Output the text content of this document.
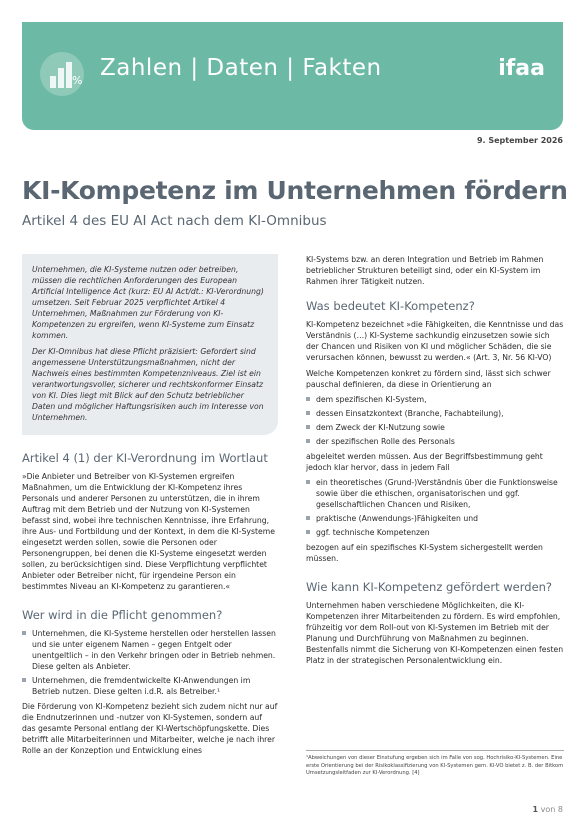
% Zahlen | Daten | Fakten	ifaa
9. September 2026
KI-Kompetenz im Unternehmen fördern
Artikel 4 des EU AI Act nach dem KI-Omnibus

Unternehmen, die KI-Systeme nutzen oder betreiben, müssen die rechtlichen Anforderungen des European Artificial Intelligence Act (kurz: EU AI Act/dt.: KI-Verordnung) umsetzen. Seit Februar 2025 verpflichtet Artikel 4 Unternehmen, Maßnahmen zur Förderung von KI-Kompetenzen zu ergreifen, wenn KI-Systeme zum Einsatz kommen.

Der KI-Omnibus hat diese Pflicht präzisiert: Gefordert sind angemessene Unterstützungsmaßnahmen, nicht der Nachweis eines bestimmten Kompetenzniveaus. Ziel ist ein verantwortungsvoller, sicherer und rechtskonformer Einsatz von KI. Dies liegt mit Blick auf den Schutz betrieblicher Daten und möglicher Haftungsrisiken auch im Interesse von Unternehmen.

Artikel 4 (1) der KI-Verordnung im Wortlaut

»Die Anbieter und Betreiber von KI-Systemen ergreifen Maßnahmen, um die Entwicklung der KI-Kompetenz ihres Personals und anderer Personen zu unterstützen, die in ihrem Auftrag mit dem Betrieb und der Nutzung von KI-Systemen befasst sind, wobei ihre technischen Kenntnisse, ihre Erfahrung, ihre Aus- und Fortbildung und der Kontext, in dem die KI-Systeme eingesetzt werden sollen, sowie die Personen oder Personengruppen, bei denen die KI-Systeme eingesetzt werden sollen, zu berücksichtigen sind. Diese Verpflichtung verpflichtet Anbieter oder Betreiber nicht, für irgendeine Person ein bestimmtes Niveau an KI-Kompetenz zu garantieren.«

Wer wird in die Pflicht genommen?
Unternehmen, die KI-Systeme herstellen oder herstellen lassen und sie unter eigenem Namen – gegen Entgelt oder unentgeltlich – in den Verkehr bringen oder in Betrieb nehmen. Diese gelten als Anbieter.
Unternehmen, die fremdentwickelte KI-Anwendungen im Betrieb nutzen. Diese gelten i.d.R. als Betreiber.¹

Die Förderung von KI-Kompetenz bezieht sich zudem nicht nur auf die Endnutzerinnen und -nutzer von KI-Systemen, sondern auf das gesamte Personal entlang der KI-Wertschöpfungskette. Dies betrifft alle Mitarbeiterinnen und Mitarbeiter, welche je nach ihrer Rolle an der Konzeption und Entwicklung eines

KI-Systems bzw. an deren Integration und Betrieb im Rahmen betrieblicher Strukturen beteiligt sind, oder ein KI-System im Rahmen ihrer Tätigkeit nutzen.

Was bedeutet KI-Kompetenz?

KI-Kompetenz bezeichnet »die Fähigkeiten, die Kenntnisse und das Verständnis (…) KI-Systeme sachkundig einzusetzen sowie sich der Chancen und Risiken von KI und möglicher Schäden, die sie verursachen können, bewusst zu werden.« (Art. 3, Nr. 56 KI-VO)

Welche Kompetenzen konkret zu fördern sind, lässt sich schwer pauschal definieren, da diese in Orientierung an

dem spezifischen KI-System,
dessen Einsatzkontext (Branche, Fachabteilung),
dem Zweck der KI-Nutzung sowie
der spezifischen Rolle des Personals

abgeleitet werden müssen. Aus der Begriffsbestimmung geht jedoch klar hervor, dass in jedem Fall

ein theoretisches (Grund-)Verständnis über die Funktionsweise sowie über die ethischen, organisatorischen und ggf. gesellschaftlichen Chancen und Risiken,
praktische (Anwendungs-)Fähigkeiten und
ggf. technische Kompetenzen

bezogen auf ein spezifisches KI-System sichergestellt werden müssen.

Wie kann KI-Kompetenz gefördert werden?

Unternehmen haben verschiedene Möglichkeiten, die KI-Kompetenzen ihrer Mitarbeitenden zu fördern. Es wird empfohlen, frühzeitig vor dem Roll-out von KI-Systemen im Betrieb mit der Planung und Durchführung von Maßnahmen zu beginnen. Bestenfalls nimmt die Sicherung von KI-Kompetenzen einen festen Platz in der strategischen Personalentwicklung ein.

¹Abweichungen von dieser Einstufung ergeben sich im Falle von sog. Hochrisiko-KI-Systemen. Eine erste Orientierung bei der Risikoklassifizierung von KI-Systemen gem. KI-VO bietet z. B. der Bitkom Umsetzungsleitfaden zur KI-Verordnung. [4]
1 von 8
